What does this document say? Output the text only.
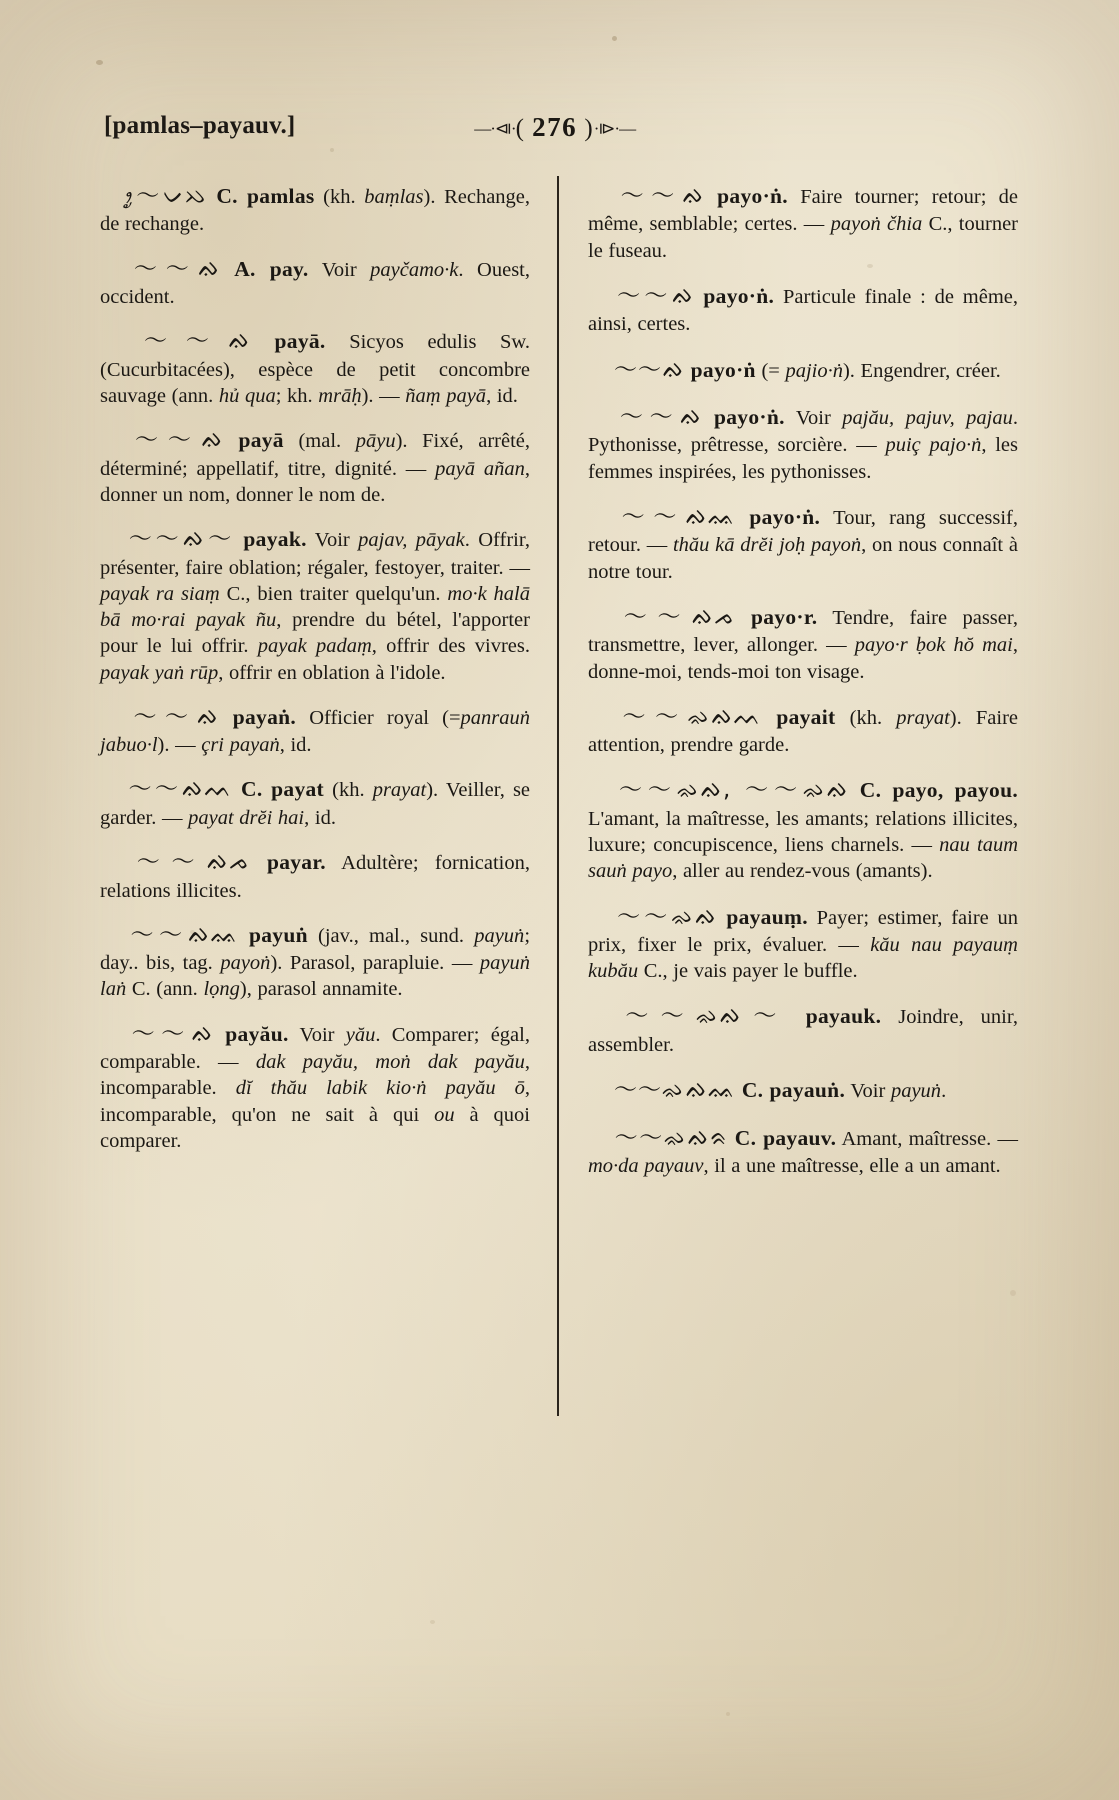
[pamlas–payauv.]	—·⧏·( 276 )·⧐·—
ᤣᤢ〜ᨆᨇ C. pamlas (kh. baṃlas). Rechange, de rechange.
〜〜ᨁ A. pay. Voir payčamo·k. Ouest, occident.
〜〜ᨁ payā. Sicyos edulis Sw. (Cucurbitacées), espèce de petit concombre sauvage (ann. hủ qua; kh. mrāḥ). — ñaṃ payā, id.
〜〜ᨁ payā (mal. pāyu). Fixé, arrêté, déterminé; appellatif, titre, dignité. — payā añan, donner un nom, donner le nom de.
〜〜ᨁ〜 payak. Voir pajav, pāyak. Offrir, présenter, faire oblation; régaler, festoyer, traiter. — payak ra siaṃ C., bien traiter quelqu'un. mo·k halā bā mo·rai payak ñu, prendre du bétel, l'apporter pour le lui offrir. payak padaṃ, offrir des vivres. payak yaṅ rūp, offrir en oblation à l'idole.
〜〜ᨁ payaṅ. Officier royal (=panrauṅ jabuo·l). — çri payaṅ, id.
〜〜ᨁᨓ C. payat (kh. prayat). Veiller, se garder. — payat drĕi hai, id.
〜〜ᨁᨍ payar. Adultère; fornication, relations illicites.
〜〜ᨁᨐ payuṅ (jav., mal., sund. payuṅ; day.. bis, tag. payoṅ). Parasol, parapluie. — payuṅ laṅ C. (ann. lọng), parasol annamite.
〜〜ᨁ payău. Voir yău. Comparer; égal, comparable. — dak payău, moṅ dak payău, incomparable. dĭ thău labik kio·ṅ payău ō, incomparable, qu'on ne sait à qui ou à quoi comparer.
〜〜ᨁ payo·ṅ. Faire tourner; retour; de même, semblable; certes. — payoṅ čhia C., tourner le fuseau.
〜〜ᨁ payo·ṅ. Particule finale : de même, ainsi, certes.
〜〜ᨁ payo·ṅ (= pajio·ṅ). Engendrer, créer.
〜〜ᨁ payo·ṅ. Voir pajău, pajuv, pajau. Pythonisse, prêtresse, sorcière. — puiç pajo·ṅ, les femmes inspirées, les pythonisses.
〜〜ᨁᨐ payo·ṅ. Tour, rang successif, retour. — thău kā drĕi joḥ payoṅ, on nous connaît à notre tour.
〜〜ᨁᨍ payo·r. Tendre, faire passer, transmettre, lever, allonger. — payo·r ḅok hŏ mai, donne-moi, tends-moi ton visage.
〜〜ᨋᨁᨓ payait (kh. prayat). Faire attention, prendre garde.
〜〜ᨋᨁ, 〜〜ᨋᨁ C. payo, payou. L'amant, la maîtresse, les amants; relations illicites, luxure; concupiscence, liens charnels. — nau taum sauṅ payo, aller au rendez-vous (amants).
〜〜ᨋᨁ payauṃ. Payer; estimer, faire un prix, fixer le prix, évaluer. — kău nau payauṃ kubău C., je vais payer le buffle.
〜〜ᨋᨁ〜 payauk. Joindre, unir, assembler.
〜〜ᨋᨁᨐ C. payauṅ. Voir payuṅ.
〜〜ᨋᨁᨑ C. payauv. Amant, maîtresse. — mo·da payauv, il a une maîtresse, elle a un amant.
